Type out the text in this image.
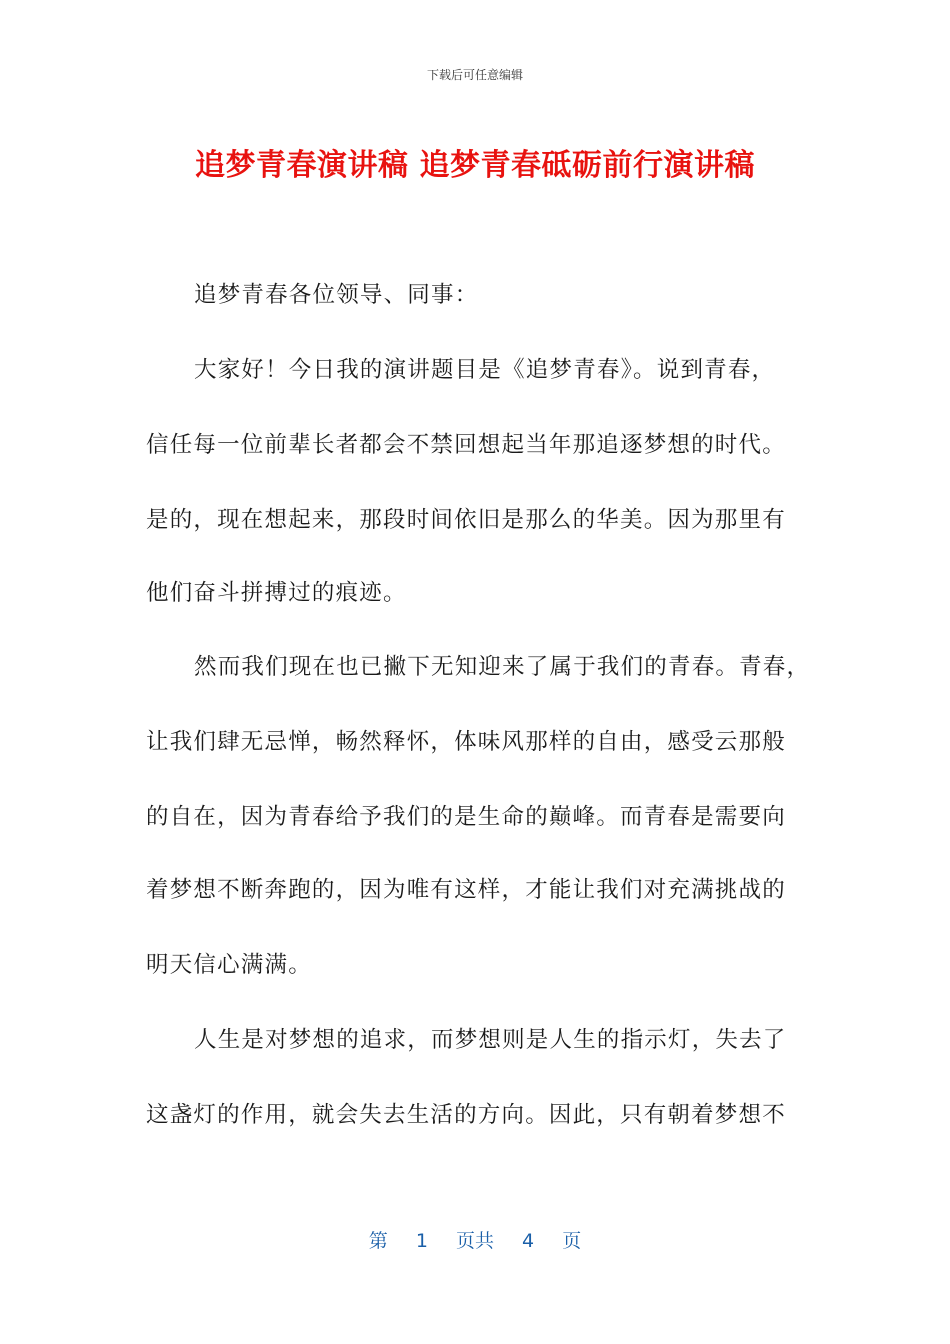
下载后可任意编辑
追梦青春演讲稿 追梦青春砥砺前行演讲稿
追梦青春各位领导、同事：
大家好！今日我的演讲题目是《追梦青春》。说到青春，
信任每一位前辈长者都会不禁回想起当年那追逐梦想的时代。
是的，现在想起来，那段时间依旧是那么的华美。因为那里有
他们奋斗拼搏过的痕迹。
然而我们现在也已撇下无知迎来了属于我们的青春。青春，
让我们肆无忌惮，畅然释怀，体味风那样的自由，感受云那般
的自在，因为青春给予我们的是生命的巅峰。而青春是需要向
着梦想不断奔跑的，因为唯有这样，才能让我们对充满挑战的
明天信心满满。
人生是对梦想的追求，而梦想则是人生的指示灯，失去了
这盏灯的作用，就会失去生活的方向。因此，只有朝着梦想不
第 1 页共 4 页
